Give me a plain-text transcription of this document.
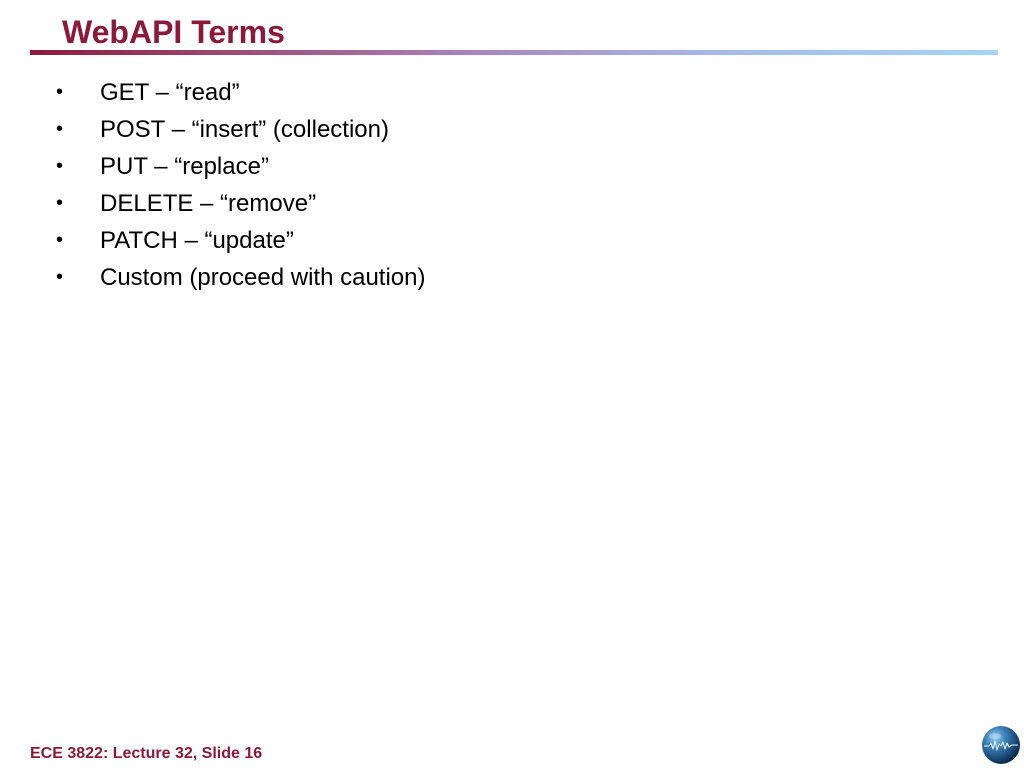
WebAPI Terms
•	GET – “read”
•	POST – “insert” (collection)
•	PUT – “replace”
•	DELETE – “remove”
•	PATCH – “update”
•	Custom (proceed with caution)
ECE 3822: Lecture 32, Slide 16
